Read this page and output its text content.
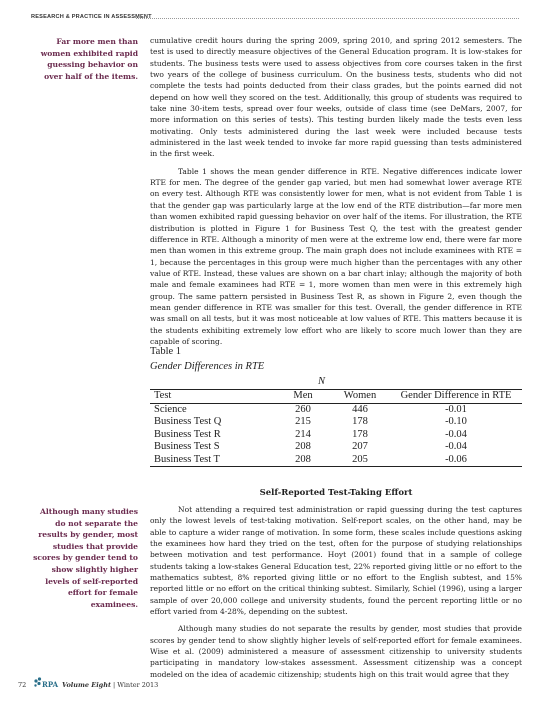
RESEARCH & PRACTICE IN ASSESSMENT
Far more men than women exhibited rapid guessing behavior on over half of the items.
Although many studies do not separate the results by gender, most studies that provide scores by gender tend to show slightly higher levels of self-reported effort for female examinees.

cumulative credit hours during the spring 2009, spring 2010, and spring 2012 semesters. The test is used to directly measure objectives of the General Education program. It is low-stakes for students. The business tests were used to assess objectives from core courses taken in the first two years of the college of business curriculum. On the business tests, students who did not complete the tests had points deducted from their class grades, but the points earned did not depend on how well they scored on the test. Additionally, this group of students was required to take nine 30-item tests, spread over four weeks, outside of class time (see DeMars, 2007, for more information on this series of tests). This testing burden likely made the tests even less motivating. Only tests administered during the last week were included because tests administered in the last week tended to invoke far more rapid guessing than tests administered in the first week.

Table 1 shows the mean gender difference in RTE. Negative differences indicate lower RTE for men. The degree of the gender gap varied, but men had somewhat lower average RTE on every test. Although RTE was consistently lower for men, what is not evident from Table 1 is that the gender gap was particularly large at the low end of the RTE distribution—far more men than women exhibited rapid guessing behavior on over half of the items. For illustration, the RTE distribution is plotted in Figure 1 for Business Test Q, the test with the greatest gender difference in RTE. Although a minority of men were at the extreme low end, there were far more men than women in this extreme group. The main graph does not include examinees with RTE = 1, because the percentages in this group were much higher than the percentages with any other value of RTE. Instead, these values are shown on a bar chart inlay; although the majority of both male and female examinees had RTE = 1, more women than men were in this extremely high group. The same pattern persisted in Business Test R, as shown in Figure 2, even though the mean gender difference in RTE was smaller for this test. Overall, the gender difference in RTE was small on all tests, but it was most noticeable at low values of RTE. This matters because it is the students exhibiting extremely low effort who are likely to score much lower than they are capable of scoring.

Table 1
Gender Differences in RTE
N
Test	Men	Women	Gender Difference in RTE
Science	260	446	-0.01
Business Test Q	215	178	-0.10
Business Test R	214	178	-0.04
Business Test S	208	207	-0.04
Business Test T	208	205	-0.06
Self-Reported Test-Taking Effort

Not attending a required test administration or rapid guessing during the test captures only the lowest levels of test-taking motivation. Self-report scales, on the other hand, may be able to capture a wider range of motivation. In some form, these scales include questions asking the examinees how hard they tried on the test, often for the purpose of studying relationships between motivation and test performance. Hoyt (2001) found that in a sample of college students taking a low-stakes General Education test, 22% reported giving little or no effort to the mathematics subtest, 8% reported giving little or no effort to the English subtest, and 15% reported little or no effort on the critical thinking subtest. Similarly, Schiel (1996), using a larger sample of over 20,000 college and university students, found the percent reporting little or no effort varied from 4-28%, depending on the subtest.

Although many studies do not separate the results by gender, most studies that provide scores by gender tend to show slightly higher levels of self-reported effort for female examinees. Wise et al. (2009) administered a measure of assessment citizenship to university students participating in mandatory low-stakes assessment. Assessment citizenship was a concept modeled on the idea of academic citizenship; students high on this trait would agree that they

72 RPA Volume Eight | Winter 2013
